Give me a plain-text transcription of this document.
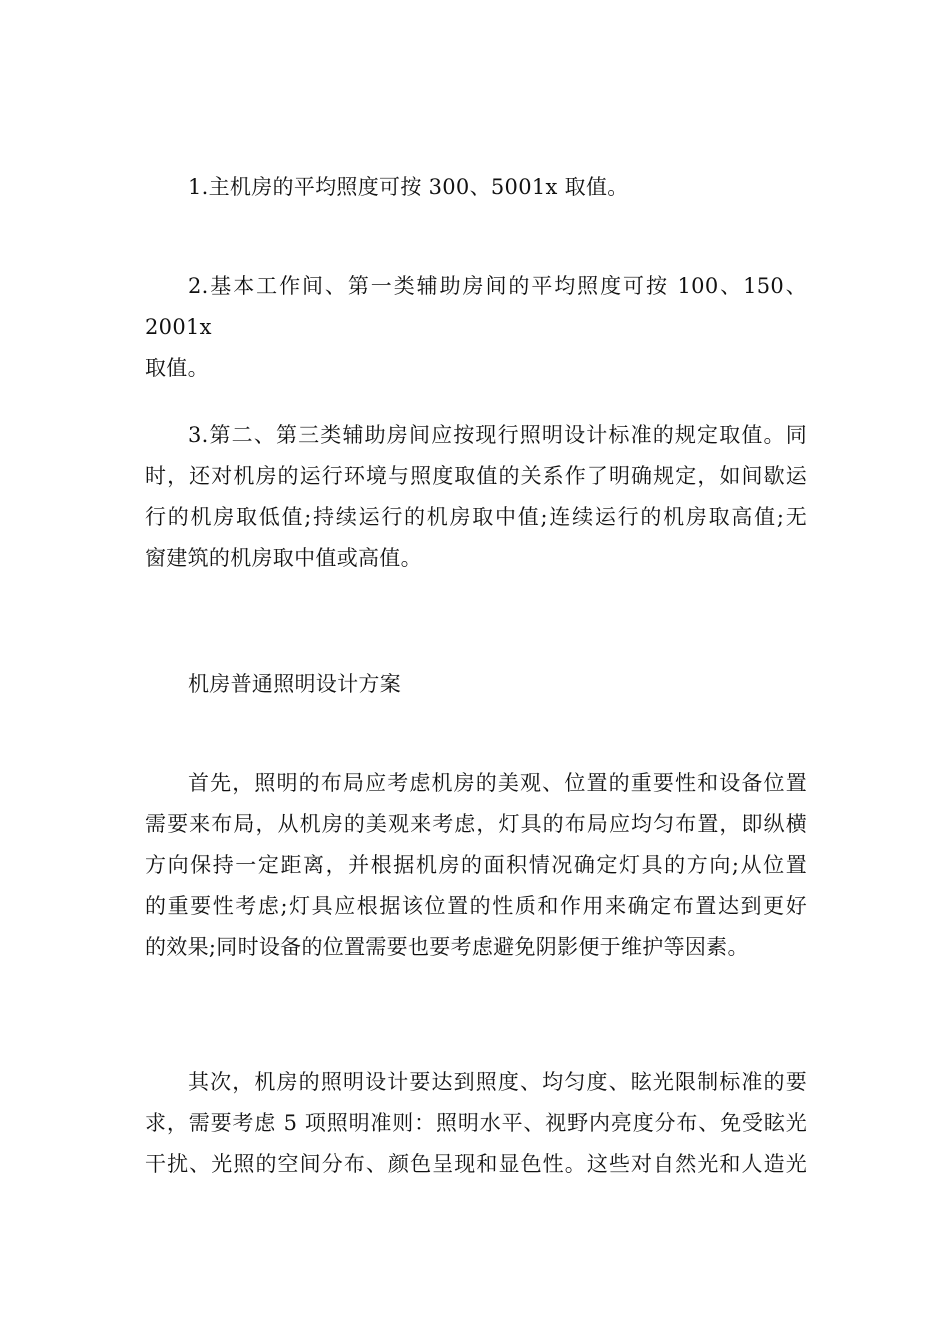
1.主机房的平均照度可按 300、5001x 取值。
2.基本工作间、第一类辅助房间的平均照度可按 100、150、2001x
取值。
3.第二、第三类辅助房间应按现行照明设计标准的规定取值。同
时，还对机房的运行环境与照度取值的关系作了明确规定，如间歇运
行的机房取低值;持续运行的机房取中值;连续运行的机房取高值;无
窗建筑的机房取中值或高值。
机房普通照明设计方案
首先，照明的布局应考虑机房的美观、位置的重要性和设备位置
需要来布局，从机房的美观来考虑，灯具的布局应均匀布置，即纵横
方向保持一定距离，并根据机房的面积情况确定灯具的方向;从位置
的重要性考虑;灯具应根据该位置的性质和作用来确定布置达到更好
的效果;同时设备的位置需要也要考虑避免阴影便于维护等因素。
其次，机房的照明设计要达到照度、均匀度、眩光限制标准的要
求，需要考虑 5 项照明准则：照明水平、视野内亮度分布、免受眩光
干扰、光照的空间分布、颜色呈现和显色性。这些对自然光和人造光
